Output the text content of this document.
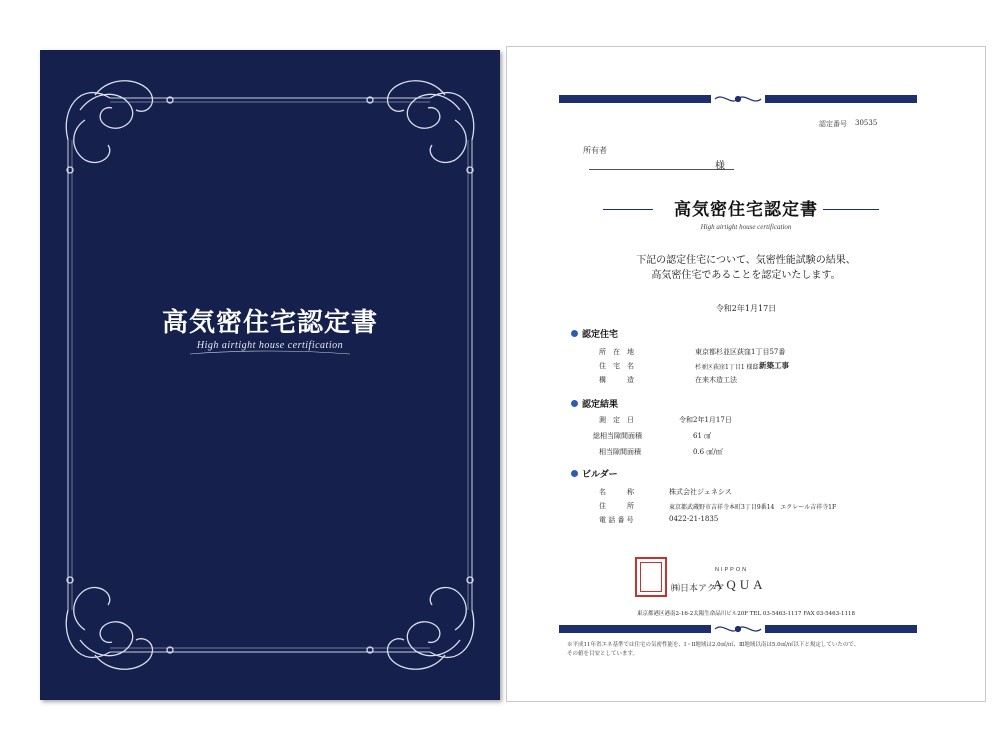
高気密住宅認定書
High airtight house certification
認定番号 30535
所有者
様
高気密住宅認定書
High airtight house certification
下記の認定住宅について、気密性能試験の結果、
高気密住宅であることを認定いたします。
令和2年1月17日
認定住宅
所　在　地	東京都杉並区荻窪1丁目57番
住　宅　名	杉並区荻窪1丁目1 様邸 新築工事
構　　　造	在来木造工法
認定結果
測　定　日	令和2年1月17日
総相当隙間面積	61 ㎠
相当隙間面積	0.6 ㎠/㎡
ビルダー
名　　　称	株式会社ジェネシス
住　　　所	東京都武蔵野市吉祥寺本町3丁目9番14　エクレール吉祥寺1F
電 話 番 号	0422-21-1835
㈱日本アクア
NIPPON
AQUA
東京都港区港南2-16-2太陽生命品川ビル20F TEL 03-5463-1117 FAX 03-5463-1118
※平成11年省エネ基準では住宅の気密性能を、Ⅰ・Ⅱ地域は2.0㎠/㎡、Ⅲ地域以南は5.0㎠/㎡以下と規定していたので、
その値を目安としています。
